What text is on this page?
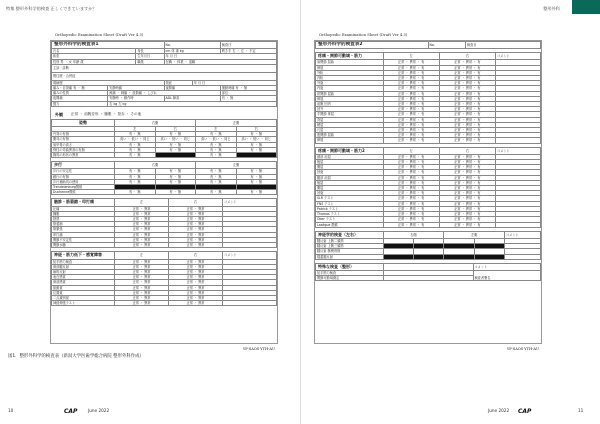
特集 整形外科学的検査 正しくできていますか？	整形外科
Orthopedic Examination Sheet (Draft Ver 4.5)
整形外科学的検査表1			No.		検査日
氏名		身長	cm 体 重 kg		利き手 右 ・ 左 ・ 不定
疾患		生年月日	年 月 日		
性別 男 ・ 女 年齢 歳		職業	在職 ・ 休業 ・ 退職		
主診・診断					
既往歴・合併症					
現病歴			発症	年 月 日	
痛み・自発痛 有 ・ 無	安静時痛		夜間痛		運動時痛 有 ・ 無
痛みの性質	鈍痛 ・ 刺痛 ・ 放散痛 ・ しびれ				部位
夜間痛	安静時 ・ 動作時		ADL 障害		有 ・ 無
握力	右 kg 左 kg				
外観	正常 ・ 前腕変形 ・ 腫脹 ・ 発赤 ・ その他
姿勢	右側		左側	
	左	右	左	右
円背の有無	有 ・ 無	有 ・ 無	有 ・ 無	有 ・ 無
側弯の有無	高い ・ 低い ・ 同じ	高い ・ 低い ・ 同じ	高い ・ 低い ・ 同じ	高い ・ 低い ・ 同じ
肩甲骨の高さ	有 ・ 無	有 ・ 無	有 ・ 無	有 ・ 無
脊柱の弯曲異常の有無	有 ・ 無	有 ・ 無	有 ・ 無	有 ・ 無
胸郭の形状の異常	有 ・ 無		有 ・ 無	
歩行	右側		左側	
歩行の安定性	有 ・ 無	有 ・ 無	有 ・ 無	有 ・ 無
跛行の有無	有 ・ 無	有 ・ 無	有 ・ 無	有 ・ 無
歩行補助具の使用	有 ・ 無	有 ・ 無	有 ・ 無	有 ・ 無
Trendelenburg徴候				
Duchenne徴候	有 ・ 無	有 ・ 無	有 ・ 無	有 ・ 無
触診・筋萎縮・叩打痛	左	右	コメント
圧痛	正常 ・ 異常	正常 ・ 異常	
腫脹	正常 ・ 異常	正常 ・ 異常	
熱感	正常 ・ 異常	正常 ・ 異常	
筋萎縮	正常 ・ 異常	正常 ・ 異常	
筋緊張	正常 ・ 異常	正常 ・ 異常	
叩打痛	正常 ・ 異常	正常 ・ 異常	
関節不安定性	正常 ・ 異常	正常 ・ 異常	
関節水腫	正常 ・ 異常	正常 ・ 異常	
神経・筋力低下・感覚障害	左	右	コメント
徒手筋力検査	正常 ・ 異常	正常 ・ 異常	
深部腱反射	正常 ・ 異常	正常 ・ 異常	
病的反射	正常 ・ 異常	正常 ・ 異常	
表在感覚	正常 ・ 異常	正常 ・ 異常	
深部感覚	正常 ・ 異常	正常 ・ 異常	
振動覚	正常 ・ 異常	正常 ・ 異常	
位置覚	正常 ・ 異常	正常 ・ 異常	
二点識別覚	正常 ・ 異常	正常 ・ 異常	
神経伸張テスト	正常 ・ 異常	正常 ・ 異常	
YF-SAOS-YTH-AU
Orthopedic Examination Sheet (Draft Ver 4.5)
整形外科学的検査表2	No.	検査日
疼痛・関節可動域・筋力	左	右	コメント
肩関節 屈曲	正常 ・ 異常 ・ 有	正常 ・ 異常 ・ 有	
伸展	正常 ・ 異常 ・ 有	正常 ・ 異常 ・ 有	
外転	正常 ・ 異常 ・ 有	正常 ・ 異常 ・ 有	
内転	正常 ・ 異常 ・ 有	正常 ・ 異常 ・ 有	
外旋	正常 ・ 異常 ・ 有	正常 ・ 異常 ・ 有	
内旋	正常 ・ 異常 ・ 有	正常 ・ 異常 ・ 有	
肘関節 屈曲	正常 ・ 異常 ・ 有	正常 ・ 異常 ・ 有	
伸展	正常 ・ 異常 ・ 有	正常 ・ 異常 ・ 有	
前腕 回内	正常 ・ 異常 ・ 有	正常 ・ 異常 ・ 有	
回外	正常 ・ 異常 ・ 有	正常 ・ 異常 ・ 有	
手関節 掌屈	正常 ・ 異常 ・ 有	正常 ・ 異常 ・ 有	
背屈	正常 ・ 異常 ・ 有	正常 ・ 異常 ・ 有	
橈屈	正常 ・ 異常 ・ 有	正常 ・ 異常 ・ 有	
尺屈	正常 ・ 異常 ・ 有	正常 ・ 異常 ・ 有	
股関節 屈曲	正常 ・ 異常 ・ 有	正常 ・ 異常 ・ 有	
伸展	正常 ・ 異常 ・ 有	正常 ・ 異常 ・ 有	
疼痛・関節可動域・筋力2	左	右	コメント
頸部 前屈	正常 ・ 異常 ・ 有	正常 ・ 異常 ・ 有	
後屈	正常 ・ 異常 ・ 有	正常 ・ 異常 ・ 有	
側屈	正常 ・ 異常 ・ 有	正常 ・ 異常 ・ 有	
回旋	正常 ・ 異常 ・ 有	正常 ・ 異常 ・ 有	
腰部 前屈	正常 ・ 異常 ・ 有	正常 ・ 異常 ・ 有	
後屈	正常 ・ 異常 ・ 有	正常 ・ 異常 ・ 有	
側屈	正常 ・ 異常 ・ 有	正常 ・ 異常 ・ 有	
回旋	正常 ・ 異常 ・ 有	正常 ・ 異常 ・ 有	
SLR テスト	正常 ・ 異常 ・ 有	正常 ・ 異常 ・ 有	
FNS テスト	正常 ・ 異常 ・ 有	正常 ・ 異常 ・ 有	
Patrick テスト	正常 ・ 異常 ・ 有	正常 ・ 異常 ・ 有	
Thomas テスト	正常 ・ 異常 ・ 有	正常 ・ 異常 ・ 有	
Ober テスト	正常 ・ 異常 ・ 有	正常 ・ 異常 ・ 有	
Lasègue 徴候	正常 ・ 異常 ・ 有	正常 ・ 異常 ・ 有	
神経学的検査（左右）	右側		左側		コメント
腱反射 上腕二頭筋					
腱反射 上腕三頭筋					
腱反射 腕橈骨筋					
膝蓋腱反射					
特殊な検査（整形）		コメント
徒手筋力検査		検査者署名
関節可動域測定		
YF-SAOS-YTH-AU
図1．整形外科学的検査表（新潟大学医歯学総合病院 整形外科作成）
10	CAP	June 2022	June 2022 CAP	11
